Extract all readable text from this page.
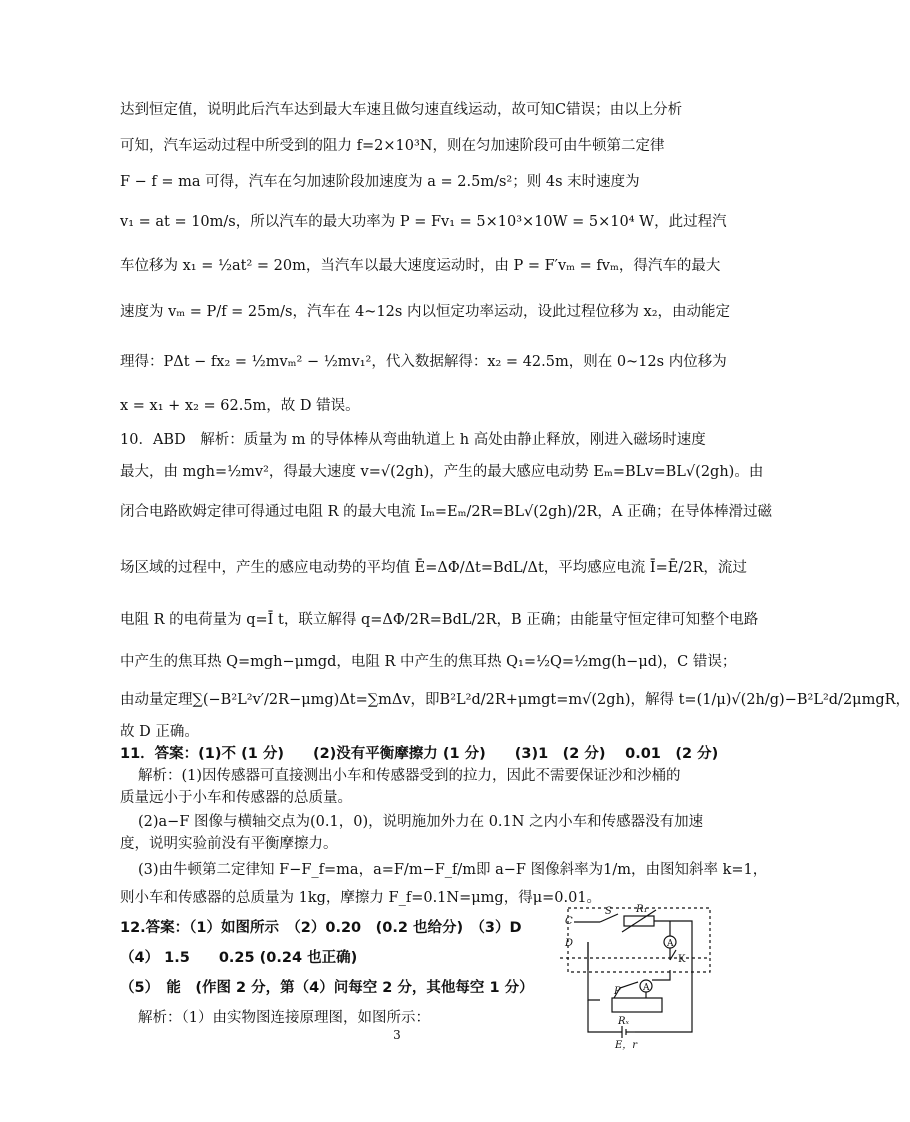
达到恒定值，说明此后汽车达到最大车速且做匀速直线运动，故可知C错误；由以上分析
可知，汽车运动过程中所受到的阻力 f=2×10³N，则在匀加速阶段可由牛顿第二定律
F − f = ma 可得，汽车在匀加速阶段加速度为 a = 2.5m/s²；则 4s 末时速度为
v₁ = at = 10m/s，所以汽车的最大功率为 P = Fv₁ = 5×10³×10W = 5×10⁴ W，此过程汽
车位移为 x₁ = ½at² = 20m，当汽车以最大速度运动时，由 P = F′vₘ = fvₘ，得汽车的最大
速度为 vₘ = P/f = 25m/s，汽车在 4~12s 内以恒定功率运动，设此过程位移为 x₂，由动能定
理得：PΔt − fx₂ = ½mvₘ² − ½mv₁²，代入数据解得：x₂ = 42.5m，则在 0~12s 内位移为
x = x₁ + x₂ = 62.5m，故 D 错误。
10．ABD　解析：质量为 m 的导体棒从弯曲轨道上 h 高处由静止释放，刚进入磁场时速度
最大，由 mgh=½mv²，得最大速度 v=√(2gh)，产生的最大感应电动势 Eₘ=BLv=BL√(2gh)。由
闭合电路欧姆定律可得通过电阻 R 的最大电流 Iₘ=Eₘ/2R=BL√(2gh)/2R，A 正确；在导体棒滑过磁
场区域的过程中，产生的感应电动势的平均值 Ē=ΔΦ/Δt=BdL/Δt，平均感应电流 Ī=Ē/2R，流过
电阻 R 的电荷量为 q=Ī t，联立解得 q=ΔΦ/2R=BdL/2R，B 正确；由能量守恒定律可知整个电路
中产生的焦耳热 Q=mgh−μmgd，电阻 R 中产生的焦耳热 Q₁=½Q=½mg(h−μd)，C 错误；
由动量定理∑(−B²L²v′/2R−μmg)Δt=∑mΔv，即B²L²d/2R+μmgt=m√(2gh)，解得 t=(1/μ)√(2h/g)−B²L²d/2μmgR，
故 D 正确。
11．答案：(1)不 (1 分)　　(2)没有平衡摩擦力 (1 分)　　(3)1　(2 分)　 0.01　(2 分)
解析：(1)因传感器可直接测出小车和传感器受到的拉力，因此不需要保证沙和沙桶的
质量远小于小车和传感器的总质量。
(2)a−F 图像与横轴交点为(0.1，0)，说明施加外力在 0.1N 之内小车和传感器没有加速
度，说明实验前没有平衡摩擦力。
(3)由牛顿第二定律知 F−F_f=ma，a=F/m−F_f/m即 a−F 图像斜率为1/m，由图知斜率 k=1，
则小车和传感器的总质量为 1kg，摩擦力 F_f=0.1N=μmg，得μ=0.01。
12.答案：（1）如图所示　（2）0.20　(0.2 也给分)　（3）D
（4） 1.5　　0.25 (0.24 也正确)
（5）　能　(作图 2 分，第（4）问每空 2 分，其他每空 1 分）
解析：（1）由实物图连接原理图，如图所示：
C
S R₁
D	A
K
A
P
Rₓ
E，r
3
